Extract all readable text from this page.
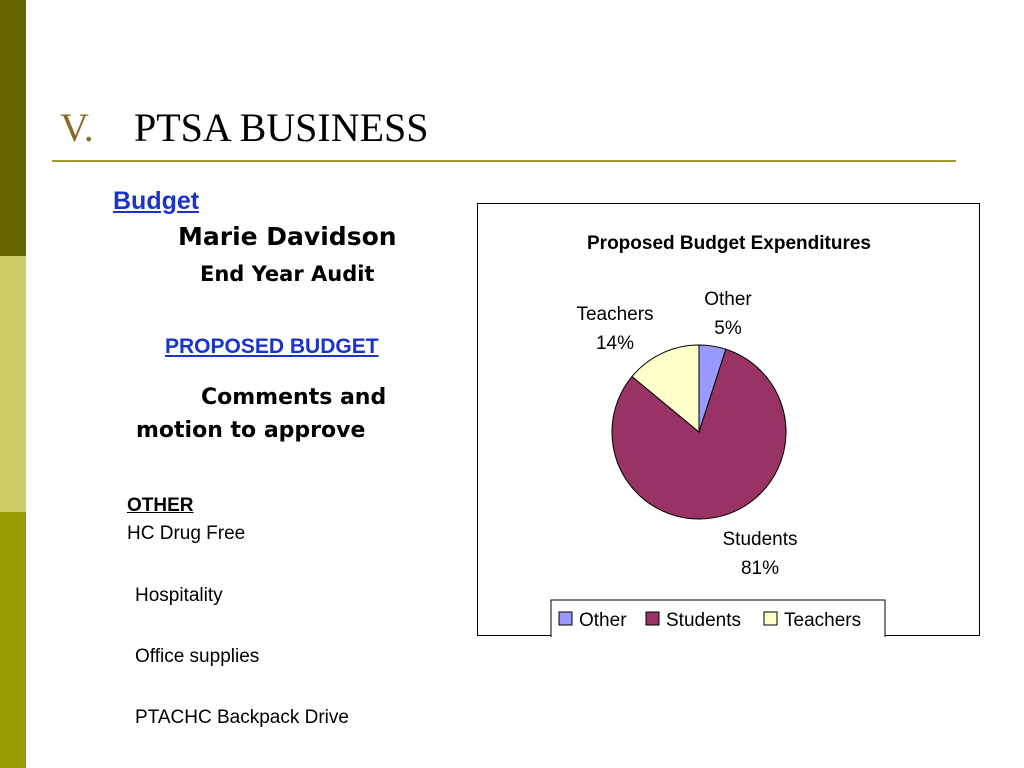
V. PTSA BUSINESS
Budget
Marie Davidson
End Year Audit
PROPOSED BUDGET
Comments and motion to approve
OTHER
HC Drug Free
Hospitality
Office supplies
PTACHC Backpack Drive
Proposed Budget Expenditures
Other
5%
Students
81%
Teachers
14%
Other Students Teachers
